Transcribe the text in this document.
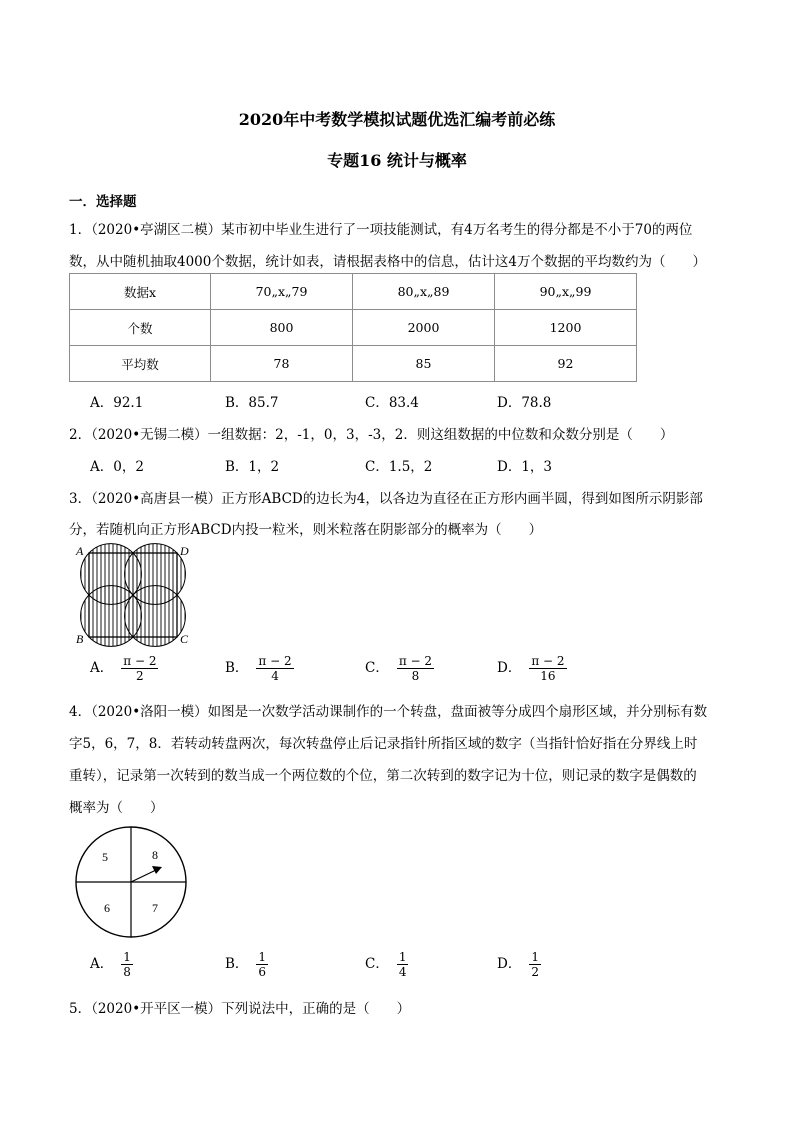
2020年中考数学模拟试题优选汇编考前必练
专题16 统计与概率
一．选择题
1．（2020•亭湖区二模）某市初中毕业生进行了一项技能测试，有4万名考生的得分都是不小于70的两位
数，从中随机抽取4000个数据，统计如表，请根据表格中的信息，估计这4万个数据的平均数约为（　　）
数据x	70„x„79	80„x„89	90„x„99
个数	800	2000	1200
平均数	78	85	92
A．92.1	B．85.7	C．83.4	D．78.8
2．（2020•无锡二模）一组数据：2，-1，0，3，-3，2．则这组数据的中位数和众数分别是（　　）
A．0，2	B．1，2	C．1.5，2	D．1，3
3．（2020•高唐县一模）正方形ABCD的边长为4，以各边为直径在正方形内画半圆，得到如图所示阴影部
分，若随机向正方形ABCD内投一粒米，则米粒落在阴影部分的概率为（　　）
A	D
B	C
A． $\frac{\pi - 2}{2}$	B． $\frac{\pi - 2}{4}$	C． $\frac{\pi - 2}{8}$	D． $\frac{\pi - 2}{16}$
4．（2020•洛阳一模）如图是一次数学活动课制作的一个转盘，盘面被等分成四个扇形区域，并分别标有数
字5，6，7，8．若转动转盘两次，每次转盘停止后记录指针所指区域的数字（当指针恰好指在分界线上时
重转），记录第一次转到的数当成一个两位数的个位，第二次转到的数字记为十位，则记录的数字是偶数的
概率为（　　）
5	8
6	7
A． $\frac{1}{8}$	B． $\frac{1}{6}$	C． $\frac{1}{4}$	D． $\frac{1}{2}$
5．（2020•开平区一模）下列说法中，正确的是（　　）
